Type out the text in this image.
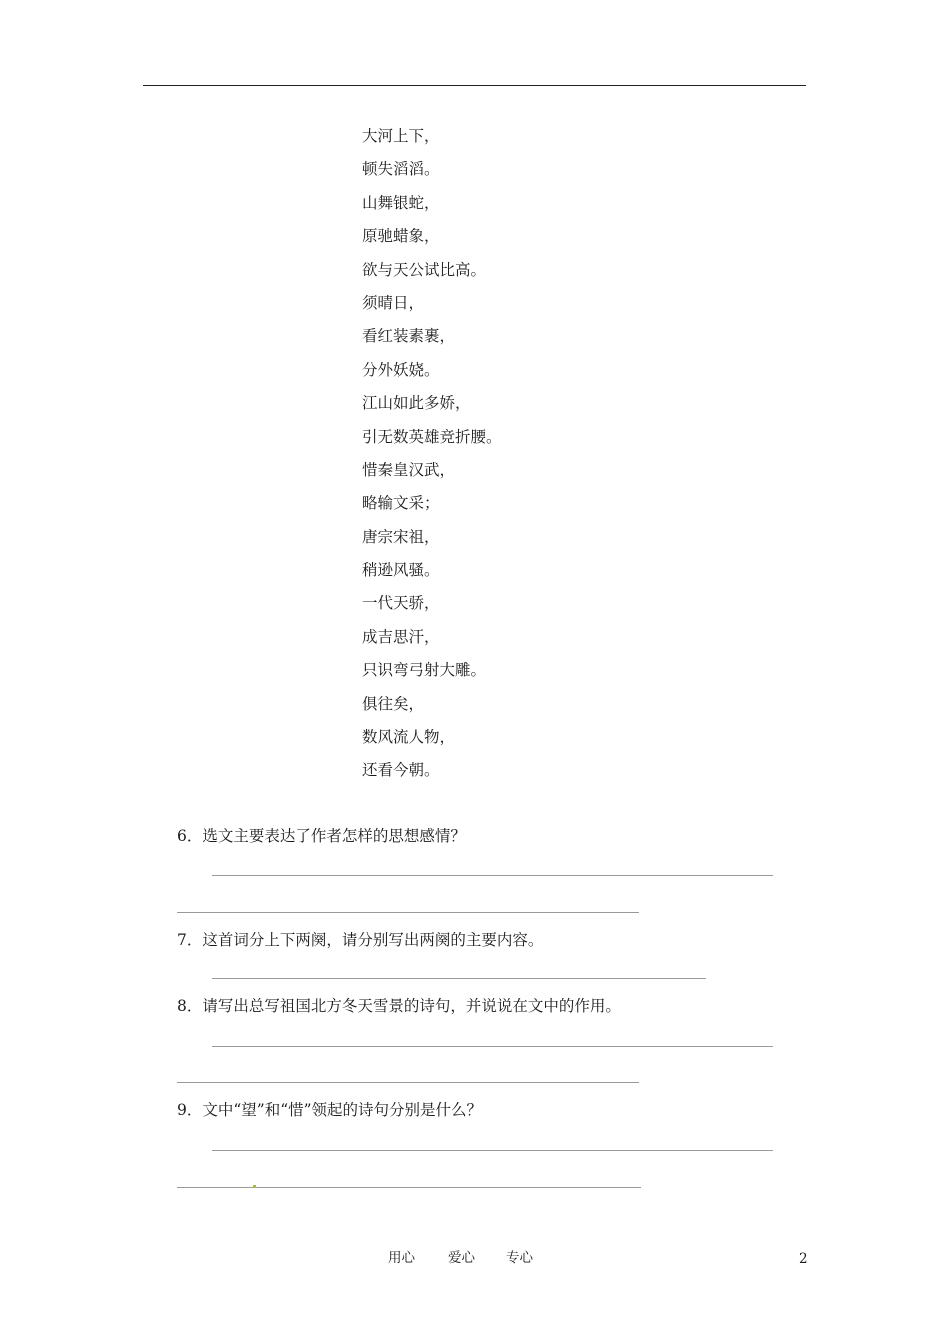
大河上下，
顿失滔滔。
山舞银蛇，
原驰蜡象，
欲与天公试比高。
须晴日，
看红装素裹，
分外妖娆。
江山如此多娇，
引无数英雄竞折腰。
惜秦皇汉武，
略输文采；
唐宗宋祖，
稍逊风骚。
一代天骄，
成吉思汗，
只识弯弓射大雕。
俱往矣，
数风流人物，
还看今朝。
6．选文主要表达了作者怎样的思想感情？
7．这首词分上下两阕，请分别写出两阕的主要内容。
8．请写出总写祖国北方冬天雪景的诗句，并说说在文中的作用。
9．文中“望”和“惜”领起的诗句分别是什么？
用心 爱心 专心	2
